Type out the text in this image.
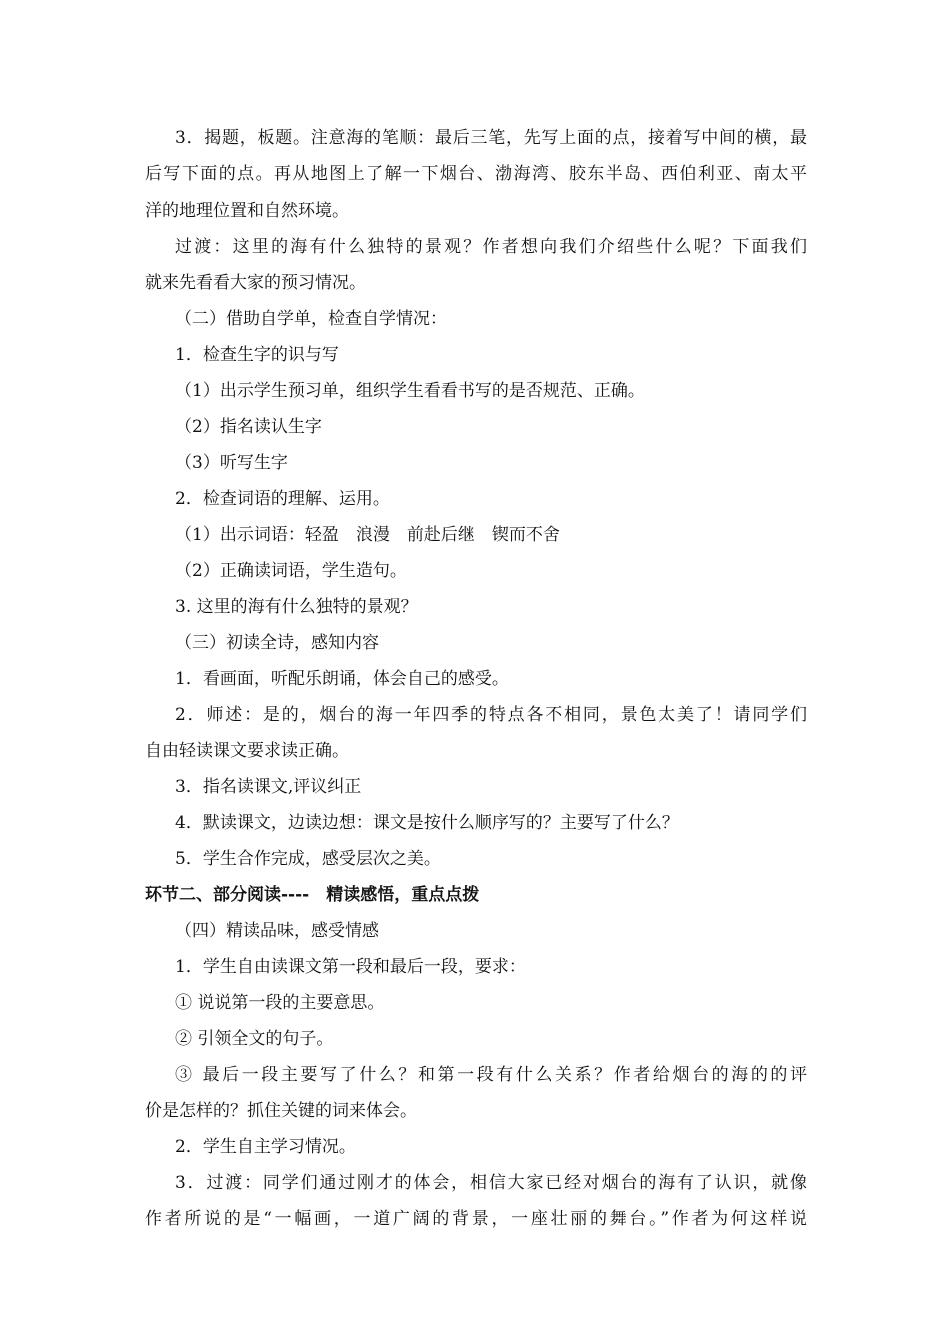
3．揭题，板题。注意海的笔顺：最后三笔，先写上面的点，接着写中间的横，最
后写下面的点。再从地图上了解一下烟台、渤海湾、胶东半岛、西伯利亚、南太平
洋的地理位置和自然环境。
过渡：这里的海有什么独特的景观？作者想向我们介绍些什么呢？下面我们
就来先看看大家的预习情况。
（二）借助自学单，检查自学情况：
1．检查生字的识与写
（1）出示学生预习单，组织学生看看书写的是否规范、正确。
（2）指名读认生字
（3）听写生字
2．检查词语的理解、运用。
（1）出示词语：轻盈　浪漫　前赴后继　锲而不舍
（2）正确读词语，学生造句。
3. 这里的海有什么独特的景观？
（三）初读全诗，感知内容
1．看画面，听配乐朗诵，体会自己的感受。
2．师述：是的，烟台的海一年四季的特点各不相同，景色太美了！请同学们
自由轻读课文要求读正确。
3．指名读课文,评议纠正
4．默读课文，边读边想：课文是按什么顺序写的？主要写了什么？
5．学生合作完成，感受层次之美。
环节二、部分阅读----　精读感悟，重点点拨
（四）精读品味，感受情感
1．学生自由读课文第一段和最后一段，要求：
① 说说第一段的主要意思。
② 引领全文的句子。
③ 最后一段主要写了什么？和第一段有什么关系？作者给烟台的海的的评
价是怎样的？抓住关键的词来体会。
2．学生自主学习情况。
3．过渡：同学们通过刚才的体会，相信大家已经对烟台的海有了认识，就像
作者所说的是“一幅画，一道广阔的背景，一座壮丽的舞台。”作者为何这样说
